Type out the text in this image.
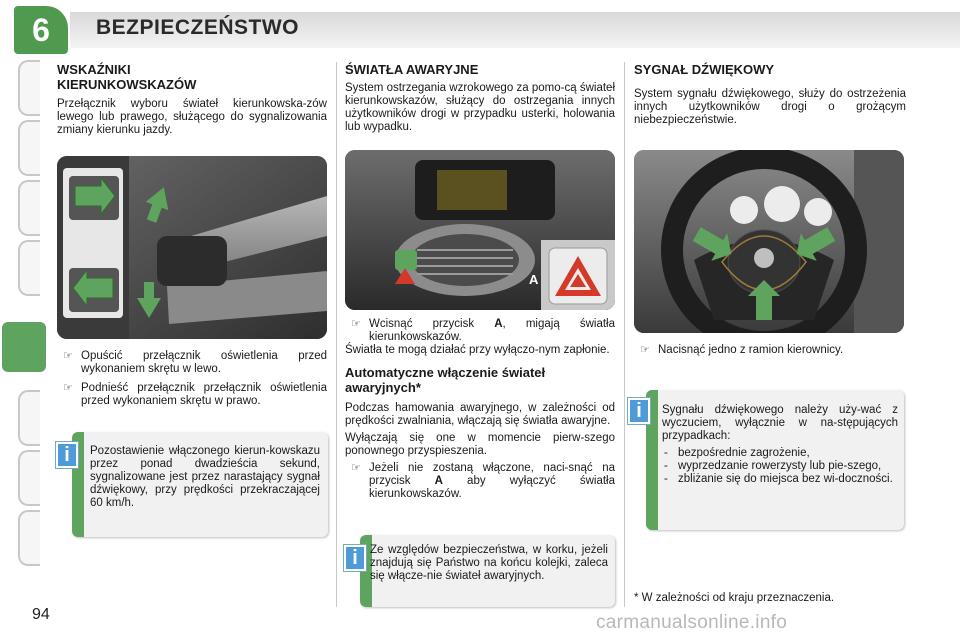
6	BEZPIECZEŃSTWO
WSKAŹNIKI KIERUNKOWSKAZÓW

Przełącznik wyboru świateł kierunkowska-zów lewego lub prawego, służącego do sygnalizowania zmiany kierunku jazdy.

☞ Opuścić przełącznik oświetlenia przed wykonaniem skrętu w lewo.
☞ Podnieść przełącznik przełącznik oświetlenia przed wykonaniem skrętu w prawo.
i	Pozostawienie włączonego kierun-kowskazu przez ponad dwadzieścia sekund, sygnalizowane jest przez narastający sygnał dźwiękowy, przy prędkości przekraczającej 60 km/h.
ŚWIATŁA AWARYJNE

System ostrzegania wzrokowego za pomo-cą świateł kierunkowskazów, służący do ostrzegania innych użytkowników drogi w przypadku usterki, holowania lub wypadku.

A
☞ Wcisnąć przycisk A, migają światła kierunkowskazów.

Światła te mogą działać przy wyłączo-nym zapłonie.

Automatyczne włączenie świateł awaryjnych*

Podczas hamowania awaryjnego, w zależności od prędkości zwalniania, włączają się światła awaryjne.

Wyłączają się one w momencie pierw-szego ponownego przyspieszenia.

☞ Jeżeli nie zostaną włączone, naci-snąć na przycisk A aby wyłączyć światła kierunkowskazów.
i	Ze względów bezpieczeństwa, w korku, jeżeli znajdują się Państwo na końcu kolejki, zaleca się włącze-nie świateł awaryjnych.
SYGNAŁ DŹWIĘKOWY

System sygnału dźwiękowego, służy do ostrzeżenia innych użytkowników drogi o grożącym niebezpieczeństwie.

☞ Nacisnąć jedno z ramion kierownicy.
i	Sygnału dźwiękowego należy uży-wać z wyczuciem, wyłącznie w na-stępujących przypadkach:

- bezpośrednie zagrożenie,
- wyprzedzanie rowerzysty lub pie-szego,
- zbliżanie się do miejsca bez wi-doczności.
* W zależności od kraju przeznaczenia.
94	carmanualsonline.info
